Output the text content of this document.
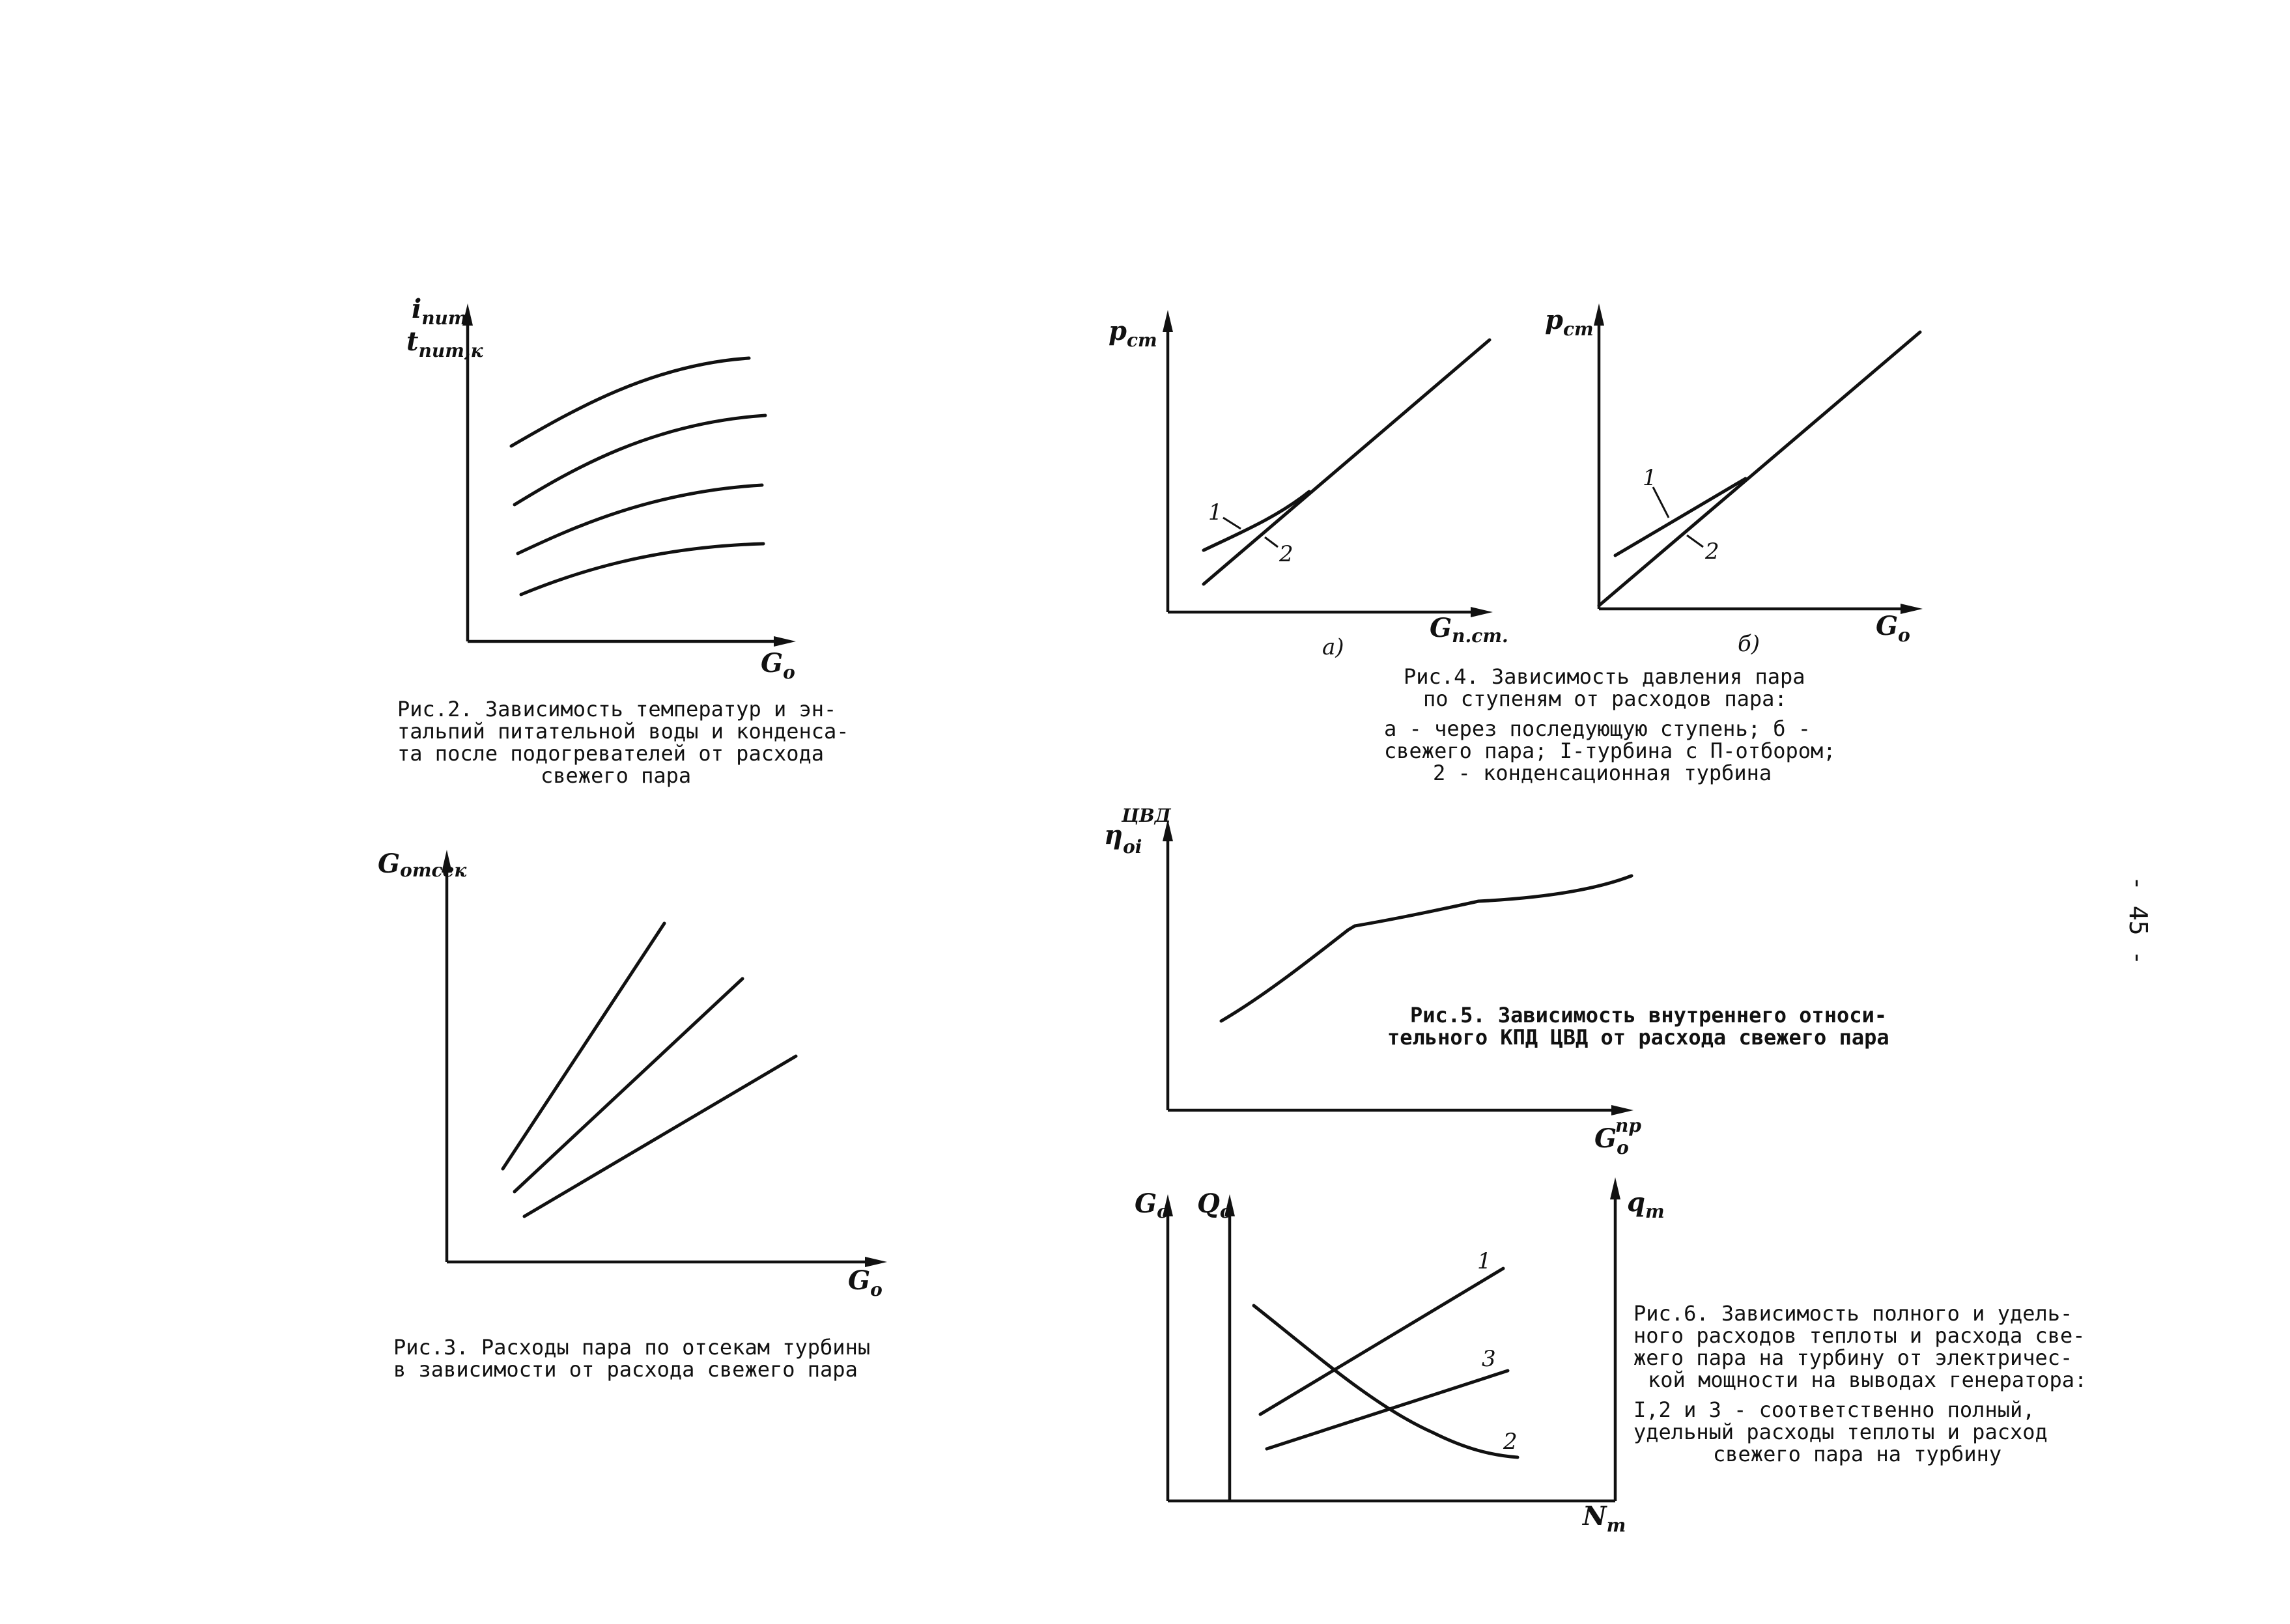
$i_{пит}$
$t_{пит,к}$
$G_o$
Рис.2. Зависимость температур и эн-
тальпий питательной воды и конденса-
та после подогревателей от расхода
свежего пара
Gотсек
$G_o$
Рис.3. Расходы пара по отсекам турбины
в зависимости от расхода свежего пара
1
2
$p_{ст}$
$G_{п.ст.}$
а)
1
2
$p_{ст}$
$G_o$
б)
Рис.4. Зависимость давления пара
по ступеням от расходов пара:
а - через последующую ступень; б -
свежего пара; I-турбина с П-отбором;
2 - конденсационная турбина
$\eta_{oi}$
ЦВД
$G_o$
пр
Рис.5. Зависимость внутреннего относи-
тельного КПД ЦВД от расхода свежего пара
1
3
2
$G_o$ $Q_o$	$q_т$
$N_т$
Рис.6. Зависимость полного и удель-
ного расходов теплоты и расхода све-
жего пара на турбину от электричес-
кой мощности на выводах генератора:
I,2 и 3 - соответственно полный,
удельный расходы теплоты и расход
свежего пара на турбину
- 45 -
